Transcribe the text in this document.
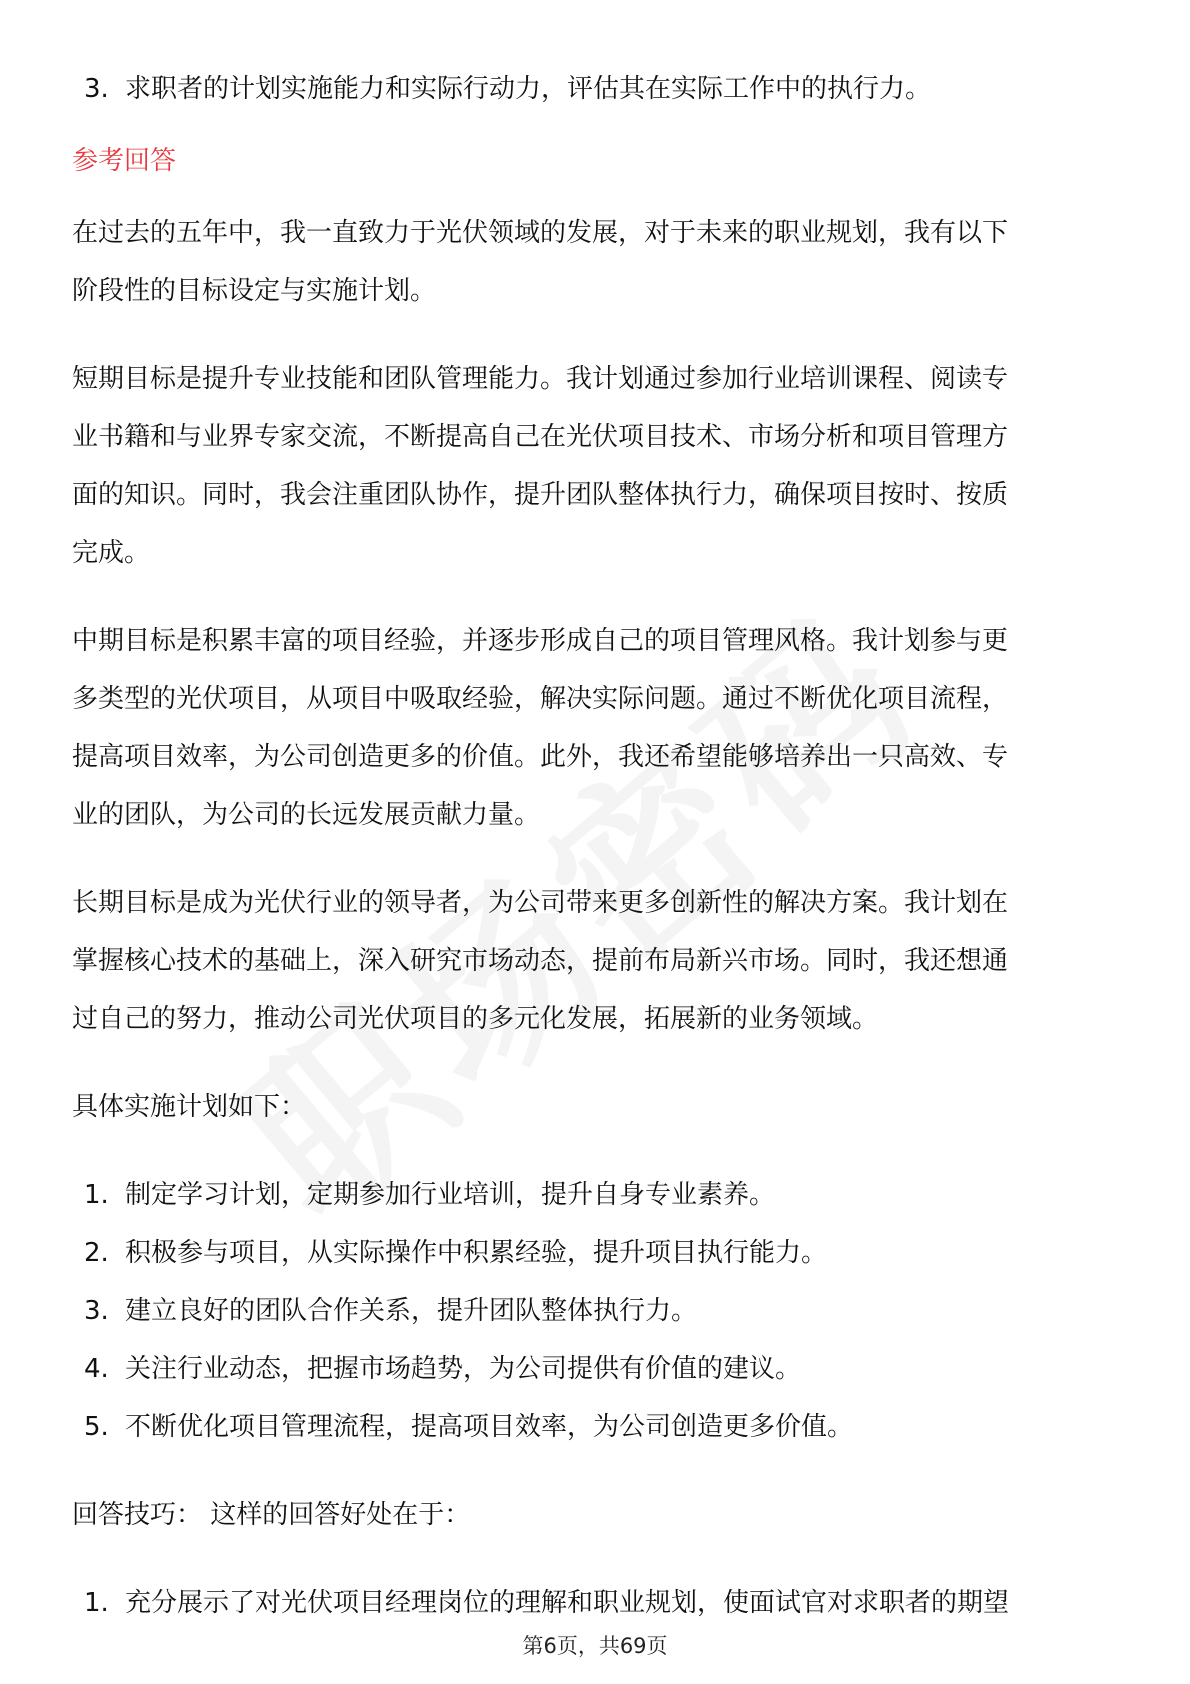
3. 求职者的计划实施能力和实际行动力，评估其在实际工作中的执行力。
参考回答

在过去的五年中，我一直致力于光伏领域的发展，对于未来的职业规划，我有以下

阶段性的目标设定与实施计划。

短期目标是提升专业技能和团队管理能力。我计划通过参加行业培训课程、阅读专

业书籍和与业界专家交流，不断提高自己在光伏项目技术、市场分析和项目管理方

面的知识。同时，我会注重团队协作，提升团队整体执行力，确保项目按时、按质

完成。

中期目标是积累丰富的项目经验，并逐步形成自己的项目管理风格。我计划参与更

多类型的光伏项目，从项目中吸取经验，解决实际问题。通过不断优化项目流程，

提高项目效率，为公司创造更多的价值。此外，我还希望能够培养出一只高效、专

业的团队，为公司的长远发展贡献力量。

长期目标是成为光伏行业的领导者，为公司带来更多创新性的解决方案。我计划在

掌握核心技术的基础上，深入研究市场动态，提前布局新兴市场。同时，我还想通

过自己的努力，推动公司光伏项目的多元化发展，拓展新的业务领域。

具体实施计划如下：

1. 制定学习计划，定期参加行业培训，提升自身专业素养。
2. 积极参与项目，从实际操作中积累经验，提升项目执行能力。
3. 建立良好的团队合作关系，提升团队整体执行力。
4. 关注行业动态，把握市场趋势，为公司提供有价值的建议。
5. 不断优化项目管理流程，提高项目效率，为公司创造更多价值。

回答技巧： 这样的回答好处在于：

1. 充分展示了对光伏项目经理岗位的理解和职业规划，使面试官对求职者的期望
第6页，共69页
